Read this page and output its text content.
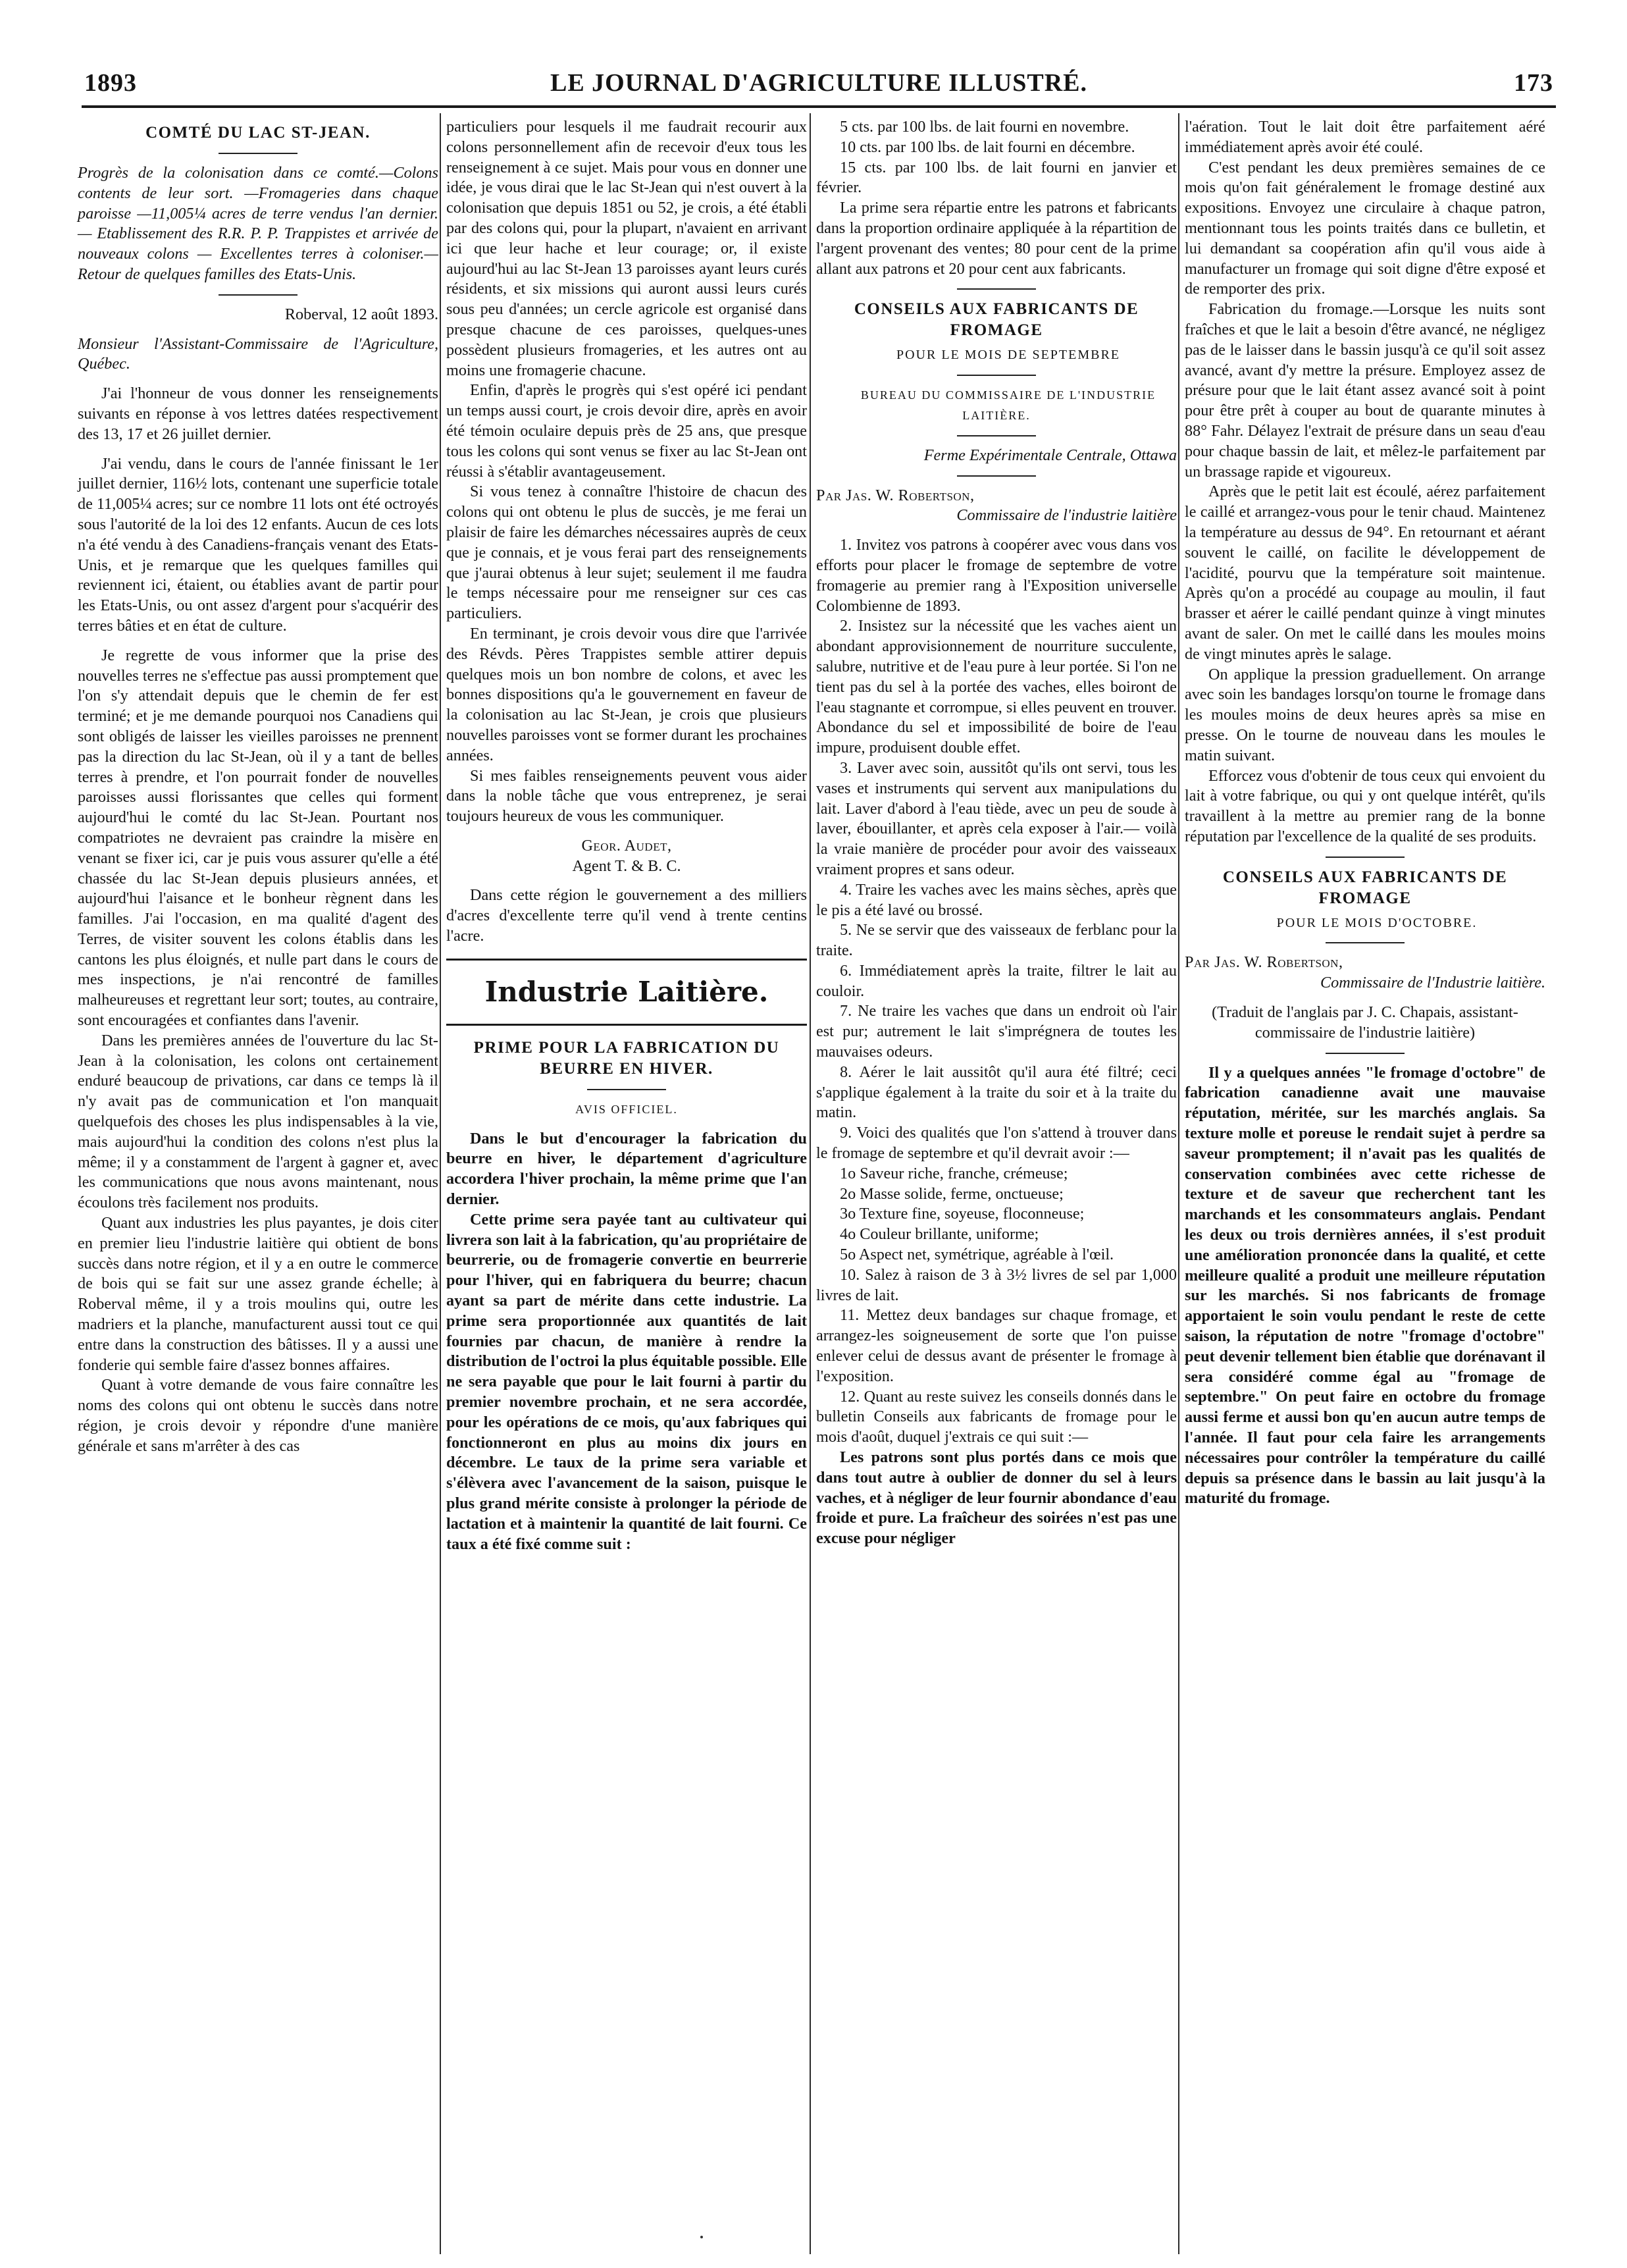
1893	LE JOURNAL D'AGRICULTURE ILLUSTRÉ.	173
COMTÉ DU LAC ST-JEAN.

Progrès de la colonisation dans ce comté.—Colons contents de leur sort. —Fromageries dans chaque paroisse —11,005¼ acres de terre vendus l'an dernier. — Etablissement des R.R. P. P. Trappistes et arrivée de nouveaux colons — Excellentes terres à coloniser.—Retour de quelques familles des Etats-Unis.

Roberval, 12 août 1893.

Monsieur l'Assistant-Commissaire de l'Agriculture, Québec.

J'ai l'honneur de vous donner les renseignements suivants en réponse à vos lettres datées respectivement des 13, 17 et 26 juillet dernier.

J'ai vendu, dans le cours de l'année finissant le 1er juillet dernier, 116½ lots, contenant une superficie totale de 11,005¼ acres; sur ce nombre 11 lots ont été octroyés sous l'autorité de la loi des 12 enfants. Aucun de ces lots n'a été vendu à des Canadiens-français venant des Etats-Unis, et je remarque que les quelques familles qui reviennent ici, étaient, ou établies avant de partir pour les Etats-Unis, ou ont assez d'argent pour s'acquérir des terres bâties et en état de culture.

Je regrette de vous informer que la prise des nouvelles terres ne s'effectue pas aussi promptement que l'on s'y attendait depuis que le chemin de fer est terminé; et je me demande pourquoi nos Canadiens qui sont obligés de laisser les vieilles paroisses ne prennent pas la direction du lac St-Jean, où il y a tant de belles terres à prendre, et l'on pourrait fonder de nouvelles paroisses aussi florissantes que celles qui forment aujourd'hui le comté du lac St-Jean. Pourtant nos compatriotes ne devraient pas craindre la misère en venant se fixer ici, car je puis vous assurer qu'elle a été chassée du lac St-Jean depuis plusieurs années, et aujourd'hui l'aisance et le bonheur règnent dans les familles. J'ai l'occasion, en ma qualité d'agent des Terres, de visiter souvent les colons établis dans les cantons les plus éloignés, et nulle part dans le cours de mes inspections, je n'ai rencontré de familles malheureuses et regrettant leur sort; toutes, au contraire, sont encouragées et confiantes dans l'avenir.

Dans les premières années de l'ouverture du lac St-Jean à la colonisation, les colons ont certainement enduré beaucoup de privations, car dans ce temps là il n'y avait pas de communication et l'on manquait quelquefois des choses les plus indispensables à la vie, mais aujourd'hui la condition des colons n'est plus la même; il y a constamment de l'argent à gagner et, avec les communications que nous avons maintenant, nous écoulons très facilement nos produits.

Quant aux industries les plus payantes, je dois citer en premier lieu l'industrie laitière qui obtient de bons succès dans notre région, et il y a en outre le commerce de bois qui se fait sur une assez grande échelle; à Roberval même, il y a trois moulins qui, outre les madriers et la planche, manufacturent aussi tout ce qui entre dans la construction des bâtisses. Il y a aussi une fonderie qui semble faire d'assez bonnes affaires.

Quant à votre demande de vous faire connaître les noms des colons qui ont obtenu le succès dans notre région, je crois devoir y répondre d'une manière générale et sans m'arrêter à des cas

particuliers pour lesquels il me faudrait recourir aux colons personnellement afin de recevoir d'eux tous les renseignement à ce sujet. Mais pour vous en donner une idée, je vous dirai que le lac St-Jean qui n'est ouvert à la colonisation que depuis 1851 ou 52, je crois, a été établi par des colons qui, pour la plupart, n'avaient en arrivant ici que leur hache et leur courage; or, il existe aujourd'hui au lac St-Jean 13 paroisses ayant leurs curés résidents, et six missions qui auront aussi leurs curés sous peu d'années; un cercle agricole est organisé dans presque chacune de ces paroisses, quelques-unes possèdent plusieurs fromageries, et les autres ont au moins une fromagerie chacune.

Enfin, d'après le progrès qui s'est opéré ici pendant un temps aussi court, je crois devoir dire, après en avoir été témoin oculaire depuis près de 25 ans, que presque tous les colons qui sont venus se fixer au lac St-Jean ont réussi à s'établir avantageusement.

Si vous tenez à connaître l'histoire de chacun des colons qui ont obtenu le plus de succès, je me ferai un plaisir de faire les démarches nécessaires auprès de ceux que je connais, et je vous ferai part des renseignements que j'aurai obtenus à leur sujet; seulement il me faudra le temps nécessaire pour me renseigner sur ces cas particuliers.

En terminant, je crois devoir vous dire que l'arrivée des Révds. Pères Trappistes semble attirer depuis quelques mois un bon nombre de colons, et avec les bonnes dispositions qu'a le gouvernement en faveur de la colonisation au lac St-Jean, je crois que plusieurs nouvelles paroisses vont se former durant les prochaines années.

Si mes faibles renseignements peuvent vous aider dans la noble tâche que vous entreprenez, je serai toujours heureux de vous les communiquer.

Geor. Audet,

Agent T. & B. C.

Dans cette région le gouvernement a des milliers d'acres d'excellente terre qu'il vend à trente centins l'acre.

Industrie Laitière.
PRIME POUR LA FABRICATION DU BEURRE EN HIVER.

AVIS OFFICIEL.

Dans le but d'encourager la fabrication du beurre en hiver, le département d'agriculture accordera l'hiver prochain, la même prime que l'an dernier.

Cette prime sera payée tant au cultivateur qui livrera son lait à la fabrication, qu'au propriétaire de beurrerie, ou de fromagerie convertie en beurrerie pour l'hiver, qui en fabriquera du beurre; chacun ayant sa part de mérite dans cette industrie. La prime sera proportionnée aux quantités de lait fournies par chacun, de manière à rendre la distribution de l'octroi la plus équitable possible. Elle ne sera payable que pour le lait fourni à partir du premier novembre prochain, et ne sera accordée, pour les opérations de ce mois, qu'aux fabriques qui fonctionneront en plus au moins dix jours en décembre. Le taux de la prime sera variable et s'élèvera avec l'avancement de la saison, puisque le plus grand mérite consiste à prolonger la période de lactation et à maintenir la quantité de lait fourni. Ce taux a été fixé comme suit :

5 cts. par 100 lbs. de lait fourni en novembre.

10 cts. par 100 lbs. de lait fourni en décembre.

15 cts. par 100 lbs. de lait fourni en janvier et février.

La prime sera répartie entre les patrons et fabricants dans la proportion ordinaire appliquée à la répartition de l'argent provenant des ventes; 80 pour cent de la prime allant aux patrons et 20 pour cent aux fabricants.

CONSEILS AUX FABRICANTS DE FROMAGE

POUR LE MOIS DE SEPTEMBRE

BUREAU DU COMMISSAIRE DE L'INDUSTRIE LAITIÈRE.

Ferme Expérimentale Centrale, Ottawa

Par Jas. W. Robertson,

Commissaire de l'industrie laitière

1. Invitez vos patrons à coopérer avec vous dans vos efforts pour placer le fromage de septembre de votre fromagerie au premier rang à l'Exposition universelle Colombienne de 1893.

2. Insistez sur la nécessité que les vaches aient un abondant approvisionnement de nourriture succulente, salubre, nutritive et de l'eau pure à leur portée. Si l'on ne tient pas du sel à la portée des vaches, elles boiront de l'eau stagnante et corrompue, si elles peuvent en trouver. Abondance du sel et impossibilité de boire de l'eau impure, produisent double effet.

3. Laver avec soin, aussitôt qu'ils ont servi, tous les vases et instruments qui servent aux manipulations du lait. Laver d'abord à l'eau tiède, avec un peu de soude à laver, ébouillanter, et après cela exposer à l'air.— voilà la vraie manière de procéder pour avoir des vaisseaux vraiment propres et sans odeur.

4. Traire les vaches avec les mains sèches, après que le pis a été lavé ou brossé.

5. Ne se servir que des vaisseaux de ferblanc pour la traite.

6. Immédiatement après la traite, filtrer le lait au couloir.

7. Ne traire les vaches que dans un endroit où l'air est pur; autrement le lait s'imprégnera de toutes les mauvaises odeurs.

8. Aérer le lait aussitôt qu'il aura été filtré; ceci s'applique également à la traite du soir et à la traite du matin.

9. Voici des qualités que l'on s'attend à trouver dans le fromage de septembre et qu'il devrait avoir :—

1o Saveur riche, franche, crémeuse;

2o Masse solide, ferme, onctueuse;

3o Texture fine, soyeuse, floconneuse;

4o Couleur brillante, uniforme;

5o Aspect net, symétrique, agréable à l'œil.

10. Salez à raison de 3 à 3½ livres de sel par 1,000 livres de lait.

11. Mettez deux bandages sur chaque fromage, et arrangez-les soigneusement de sorte que l'on puisse enlever celui de dessus avant de présenter le fromage à l'exposition.

12. Quant au reste suivez les conseils donnés dans le bulletin Conseils aux fabricants de fromage pour le mois d'août, duquel j'extrais ce qui suit :—

Les patrons sont plus portés dans ce mois que dans tout autre à oublier de donner du sel à leurs vaches, et à négliger de leur fournir abondance d'eau froide et pure. La fraîcheur des soirées n'est pas une excuse pour négliger

l'aération. Tout le lait doit être parfaitement aéré immédiatement après avoir été coulé.

C'est pendant les deux premières semaines de ce mois qu'on fait généralement le fromage destiné aux expositions. Envoyez une circulaire à chaque patron, mentionnant tous les points traités dans ce bulletin, et lui demandant sa coopération afin qu'il vous aide à manufacturer un fromage qui soit digne d'être exposé et de remporter des prix.

Fabrication du fromage.—Lorsque les nuits sont fraîches et que le lait a besoin d'être avancé, ne négligez pas de le laisser dans le bassin jusqu'à ce qu'il soit assez avancé, avant d'y mettre la présure. Employez assez de présure pour que le lait étant assez avancé soit à point pour être prêt à couper au bout de quarante minutes à 88° Fahr. Délayez l'extrait de présure dans un seau d'eau pour chaque bassin de lait, et mêlez-le parfaitement par un brassage rapide et vigoureux.

Après que le petit lait est écoulé, aérez parfaitement le caillé et arrangez-vous pour le tenir chaud. Maintenez la température au dessus de 94°. En retournant et aérant souvent le caillé, on facilite le développement de l'acidité, pourvu que la température soit maintenue. Après qu'on a procédé au coupage au moulin, il faut brasser et aérer le caillé pendant quinze à vingt minutes avant de saler. On met le caillé dans les moules moins de vingt minutes après le salage.

On applique la pression graduellement. On arrange avec soin les bandages lorsqu'on tourne le fromage dans les moules moins de deux heures après sa mise en presse. On le tourne de nouveau dans les moules le matin suivant.

Efforcez vous d'obtenir de tous ceux qui envoient du lait à votre fabrique, ou qui y ont quelque intérêt, qu'ils travaillent à la mettre au premier rang de la bonne réputation par l'excellence de la qualité de ses produits.

CONSEILS AUX FABRICANTS DE FROMAGE

POUR LE MOIS D'OCTOBRE.

Par Jas. W. Robertson,

Commissaire de l'Industrie laitière.

(Traduit de l'anglais par J. C. Chapais, assistant-commissaire de l'industrie laitière)

Il y a quelques années "le fromage d'octobre" de fabrication canadienne avait une mauvaise réputation, méritée, sur les marchés anglais. Sa texture molle et poreuse le rendait sujet à perdre sa saveur promptement; il n'avait pas les qualités de conservation combinées avec cette richesse de texture et de saveur que recherchent tant les marchands et les consommateurs anglais. Pendant les deux ou trois dernières années, il s'est produit une amélioration prononcée dans la qualité, et cette meilleure qualité a produit une meilleure réputation sur les marchés. Si nos fabricants de fromage apportaient le soin voulu pendant le reste de cette saison, la réputation de notre "fromage d'octobre" peut devenir tellement bien établie que dorénavant il sera considéré comme égal au "fromage de septembre." On peut faire en octobre du fromage aussi ferme et aussi bon qu'en aucun autre temps de l'année. Il faut pour cela faire les arrangements nécessaires pour contrôler la température du caillé depuis sa présence dans le bassin au lait jusqu'à la maturité du fromage.
